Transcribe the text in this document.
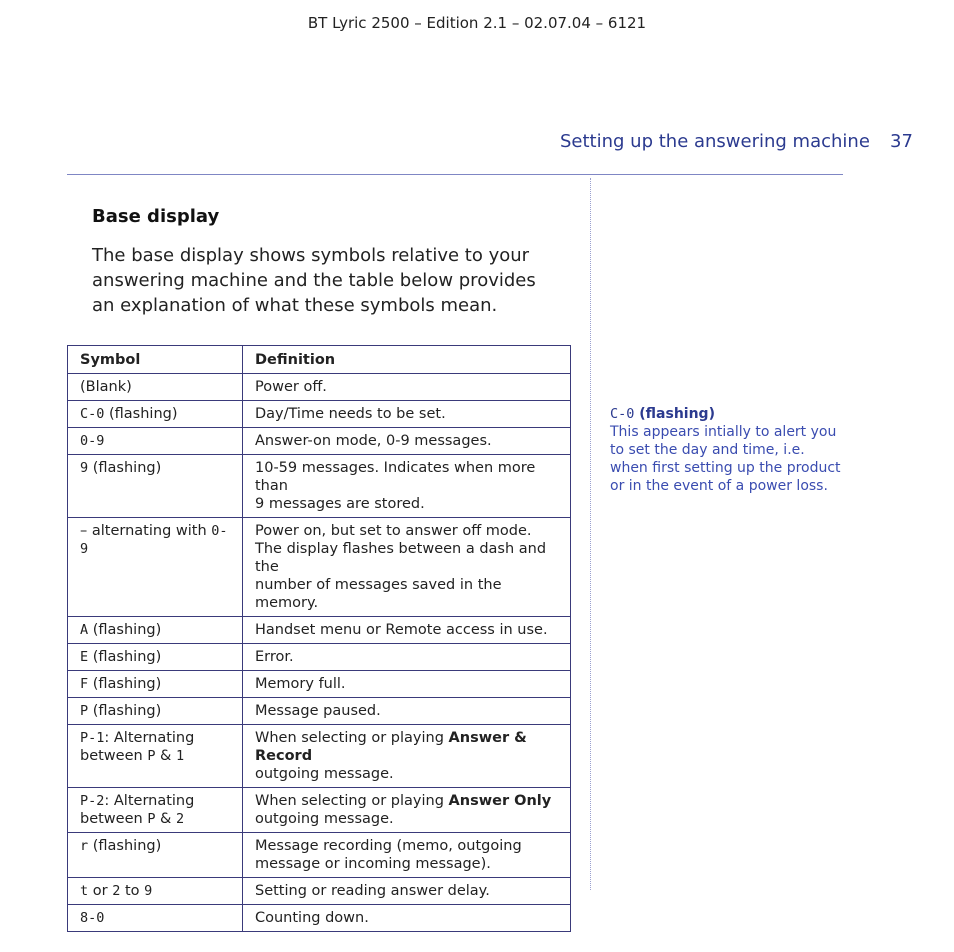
BT Lyric 2500 – Edition 2.1 – 02.07.04 – 6121
Setting up the answering machine 37
Base display

The base display shows symbols relative to your answering machine and the table below provides an explanation of what these symbols mean.

Symbol	Definition
(Blank)	Power off.
C-0 (flashing)	Day/Time needs to be set.
0-9	Answer-on mode, 0-9 messages.
9 (flashing)	10-59 messages. Indicates when more than
9 messages are stored.
– alternating with 0-9	Power on, but set to answer off mode.
The display flashes between a dash and the
number of messages saved in the memory.
A (flashing)	Handset menu or Remote access in use.
E (flashing)	Error.
F (flashing)	Memory full.
P (flashing)	Message paused.
P-1: Alternating
between P & 1	When selecting or playing Answer & Record
outgoing message.
P-2: Alternating
between P & 2	When selecting or playing Answer Only
outgoing message.
r (flashing)	Message recording (memo, outgoing
message or incoming message).
t or 2 to 9	Setting or reading answer delay.
8-0	Counting down.
C-0 (flashing)
This appears intially to alert you to set the day and time, i.e. when first setting up the product or in the event of a power loss.
